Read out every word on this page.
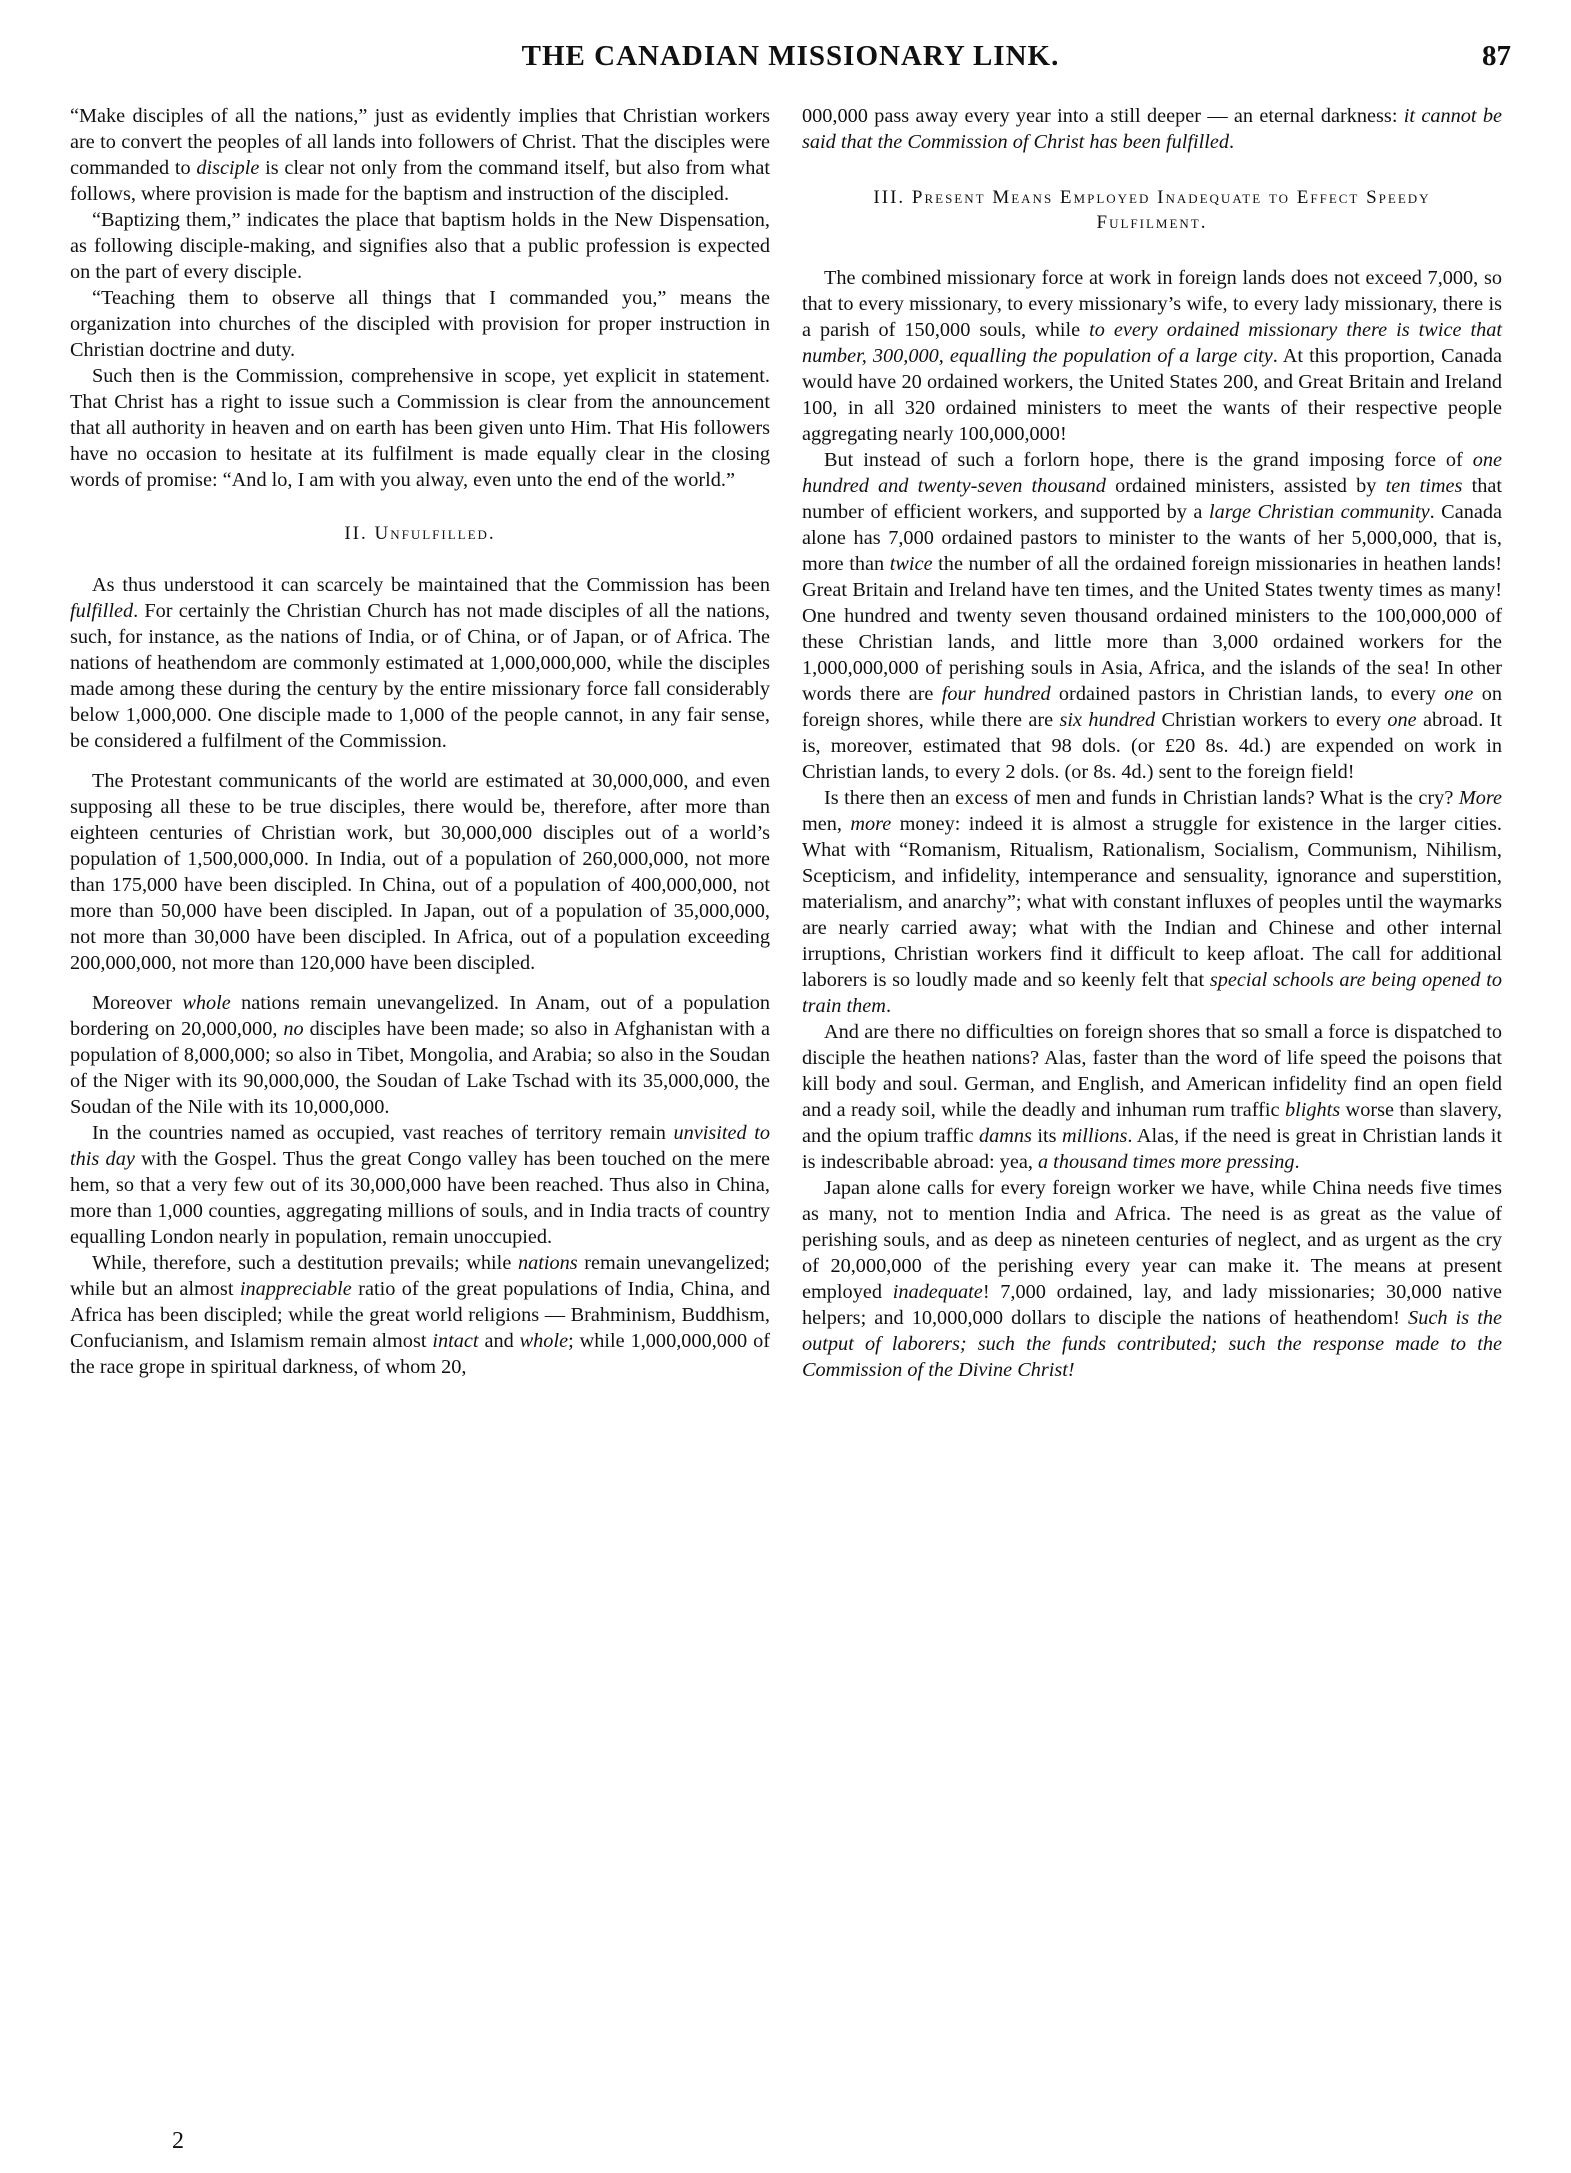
THE CANADIAN MISSIONARY LINK.	87

“Make disciples of all the nations,” just as evidently implies that Christian workers are to convert the peoples of all lands into followers of Christ. That the disciples were commanded to disciple is clear not only from the command itself, but also from what follows, where provision is made for the baptism and instruction of the discipled.

“Baptizing them,” indicates the place that baptism holds in the New Dispensation, as following disciple-making, and signifies also that a public profession is expected on the part of every disciple.

“Teaching them to observe all things that I commanded you,” means the organization into churches of the discipled with provision for proper instruction in Christian doctrine and duty.

Such then is the Commission, comprehensive in scope, yet explicit in statement. That Christ has a right to issue such a Commission is clear from the announcement that all authority in heaven and on earth has been given unto Him. That His followers have no occasion to hesitate at its fulfilment is made equally clear in the closing words of promise: “And lo, I am with you alway, even unto the end of the world.”

II. Unfulfilled.

As thus understood it can scarcely be maintained that the Commission has been fulfilled. For certainly the Christian Church has not made disciples of all the nations, such, for instance, as the nations of India, or of China, or of Japan, or of Africa. The nations of heathendom are commonly estimated at 1,000,000,000, while the disciples made among these during the century by the entire missionary force fall considerably below 1,000,000. One disciple made to 1,000 of the people cannot, in any fair sense, be considered a fulfilment of the Commission.

The Protestant communicants of the world are estimated at 30,000,000, and even supposing all these to be true disciples, there would be, therefore, after more than eighteen centuries of Christian work, but 30,000,000 disciples out of a world’s population of 1,500,000,000. In India, out of a population of 260,000,000, not more than 175,000 have been discipled. In China, out of a population of 400,000,000, not more than 50,000 have been discipled. In Japan, out of a population of 35,000,000, not more than 30,000 have been discipled. In Africa, out of a population exceeding 200,000,000, not more than 120,000 have been discipled.

Moreover whole nations remain unevangelized. In Anam, out of a population bordering on 20,000,000, no disciples have been made; so also in Afghanistan with a population of 8,000,000; so also in Tibet, Mongolia, and Arabia; so also in the Soudan of the Niger with its 90,000,000, the Soudan of Lake Tschad with its 35,000,000, the Soudan of the Nile with its 10,000,000.

In the countries named as occupied, vast reaches of territory remain unvisited to this day with the Gospel. Thus the great Congo valley has been touched on the mere hem, so that a very few out of its 30,000,000 have been reached. Thus also in China, more than 1,000 counties, aggregating millions of souls, and in India tracts of country equalling London nearly in population, remain unoccupied.

While, therefore, such a destitution prevails; while nations remain unevangelized; while but an almost inappreciable ratio of the great populations of India, China, and Africa has been discipled; while the great world religions — Brahminism, Buddhism, Confucianism, and Islamism remain almost intact and whole; while 1,000,000,000 of the race grope in spiritual darkness, of whom 20,

2

000,000 pass away every year into a still deeper — an eternal darkness: it cannot be said that the Commission of Christ has been fulfilled.

III. Present Means Employed Inadequate to Effect Speedy Fulfilment.

The combined missionary force at work in foreign lands does not exceed 7,000, so that to every missionary, to every missionary’s wife, to every lady missionary, there is a parish of 150,000 souls, while to every ordained missionary there is twice that number, 300,000, equalling the population of a large city. At this proportion, Canada would have 20 ordained workers, the United States 200, and Great Britain and Ireland 100, in all 320 ordained ministers to meet the wants of their respective people aggregating nearly 100,000,000!

But instead of such a forlorn hope, there is the grand imposing force of one hundred and twenty-seven thousand ordained ministers, assisted by ten times that number of efficient workers, and supported by a large Christian community. Canada alone has 7,000 ordained pastors to minister to the wants of her 5,000,000, that is, more than twice the number of all the ordained foreign missionaries in heathen lands! Great Britain and Ireland have ten times, and the United States twenty times as many! One hundred and twenty seven thousand ordained ministers to the 100,000,000 of these Christian lands, and little more than 3,000 ordained workers for the 1,000,000,000 of perishing souls in Asia, Africa, and the islands of the sea! In other words there are four hundred ordained pastors in Christian lands, to every one on foreign shores, while there are six hundred Christian workers to every one abroad. It is, moreover, estimated that 98 dols. (or £20 8s. 4d.) are expended on work in Christian lands, to every 2 dols. (or 8s. 4d.) sent to the foreign field!

Is there then an excess of men and funds in Christian lands? What is the cry? More men, more money: indeed it is almost a struggle for existence in the larger cities. What with “Romanism, Ritualism, Rationalism, Socialism, Communism, Nihilism, Scepticism, and infidelity, intemperance and sensuality, ignorance and superstition, materialism, and anarchy”; what with constant influxes of peoples until the waymarks are nearly carried away; what with the Indian and Chinese and other internal irruptions, Christian workers find it difficult to keep afloat. The call for additional laborers is so loudly made and so keenly felt that special schools are being opened to train them.

And are there no difficulties on foreign shores that so small a force is dispatched to disciple the heathen nations? Alas, faster than the word of life speed the poisons that kill body and soul. German, and English, and American infidelity find an open field and a ready soil, while the deadly and inhuman rum traffic blights worse than slavery, and the opium traffic damns its millions. Alas, if the need is great in Christian lands it is indescribable abroad: yea, a thousand times more pressing.

Japan alone calls for every foreign worker we have, while China needs five times as many, not to mention India and Africa. The need is as great as the value of perishing souls, and as deep as nineteen centuries of neglect, and as urgent as the cry of 20,000,000 of the perishing every year can make it. The means at present employed inadequate! 7,000 ordained, lay, and lady missionaries; 30,000 native helpers; and 10,000,000 dollars to disciple the nations of heathendom! Such is the output of laborers; such the funds contributed; such the response made to the Commission of the Divine Christ!
